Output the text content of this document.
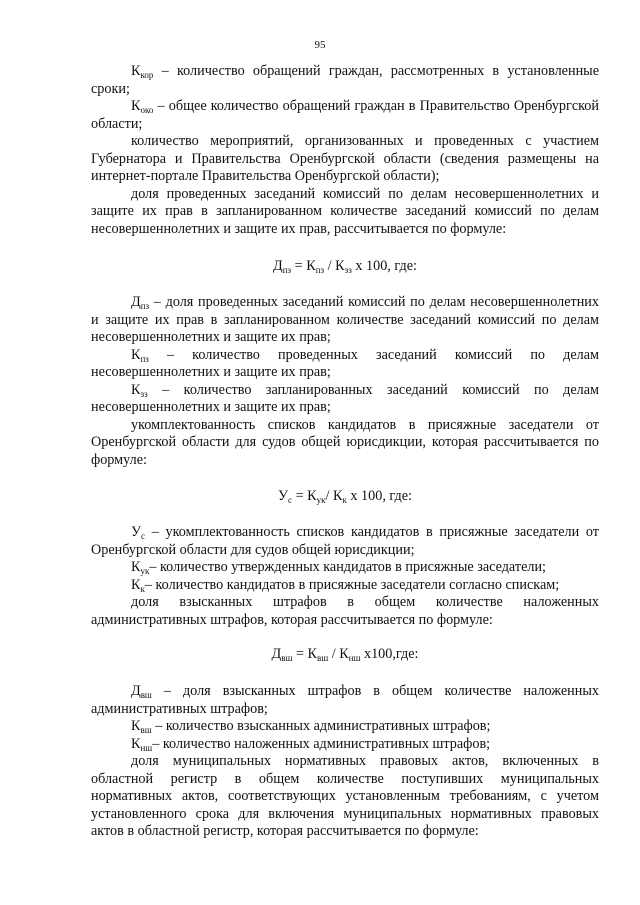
95

$К_{кор}$ – количество обращений граждан, рассмотренных в установленные сроки;

$К_{око}$ – общее количество обращений граждан в Правительство Оренбургской области;

количество мероприятий, организованных и проведенных с участием Губернатора и Правительства Оренбургской области (сведения размещены на интернет-портале Правительства Оренбургской области);

доля проведенных заседаний комиссий по делам несовершеннолетних и защите их прав в запланированном количестве заседаний комиссий по делам несовершеннолетних и защите их прав, рассчитывается по формуле:

$Д_{пз} = К_{пз} / К_{зз}$ х 100, где:

$Д_{пз}$ – доля проведенных заседаний комиссий по делам несовершеннолетних и защите их прав в запланированном количестве заседаний комиссий по делам несовершеннолетних и защите их прав;

$К_{пз}$ – количество проведенных заседаний комиссий по делам несовершеннолетних и защите их прав;

$К_{зз}$ – количество запланированных заседаний комиссий по делам несовершеннолетних и защите их прав;

укомплектованность списков кандидатов в присяжные заседатели от Оренбургской области для судов общей юрисдикции, которая рассчитывается по формуле:

$У_с = К_{ук}/$ $К_к$ х 100, где:

$У_с$ – укомплектованность списков кандидатов в присяжные заседатели от Оренбургской области для судов общей юрисдикции;

$К_{ук}-$ количество утвержденных кандидатов в присяжные заседатели;

$К_к-$ количество кандидатов в присяжные заседатели согласно спискам;

доля взысканных штрафов в общем количестве наложенных административных штрафов, которая рассчитывается по формуле:

$Д_{вш} = К_{вш} / К_{нш}$ х100,где:

$Д_{вш}$ – доля взысканных штрафов в общем количестве наложенных административных штрафов;

$К_{вш}$ – количество взысканных административных штрафов;

$К_{нш}-$ количество наложенных административных штрафов;

доля муниципальных нормативных правовых актов, включенных в областной регистр в общем количестве поступивших муниципальных нормативных актов, соответствующих установленным требованиям, с учетом установленного срока для включения муниципальных нормативных правовых актов в областной регистр, которая рассчитывается по формуле:
